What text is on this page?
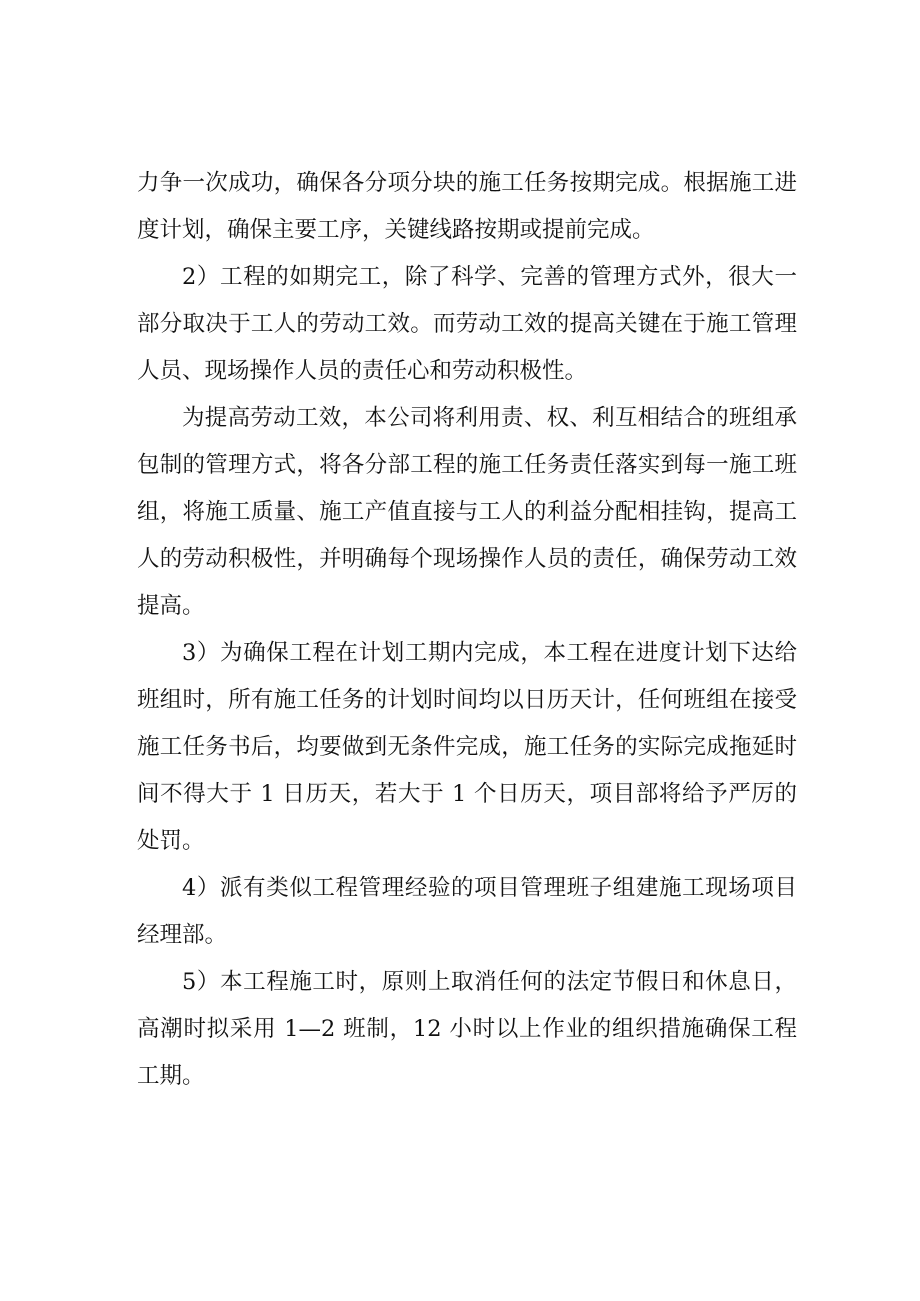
力争一次成功，确保各分项分块的施工任务按期完成。根据施工进度计划，确保主要工序，关键线路按期或提前完成。

2）工程的如期完工，除了科学、完善的管理方式外，很大一部分取决于工人的劳动工效。而劳动工效的提高关键在于施工管理人员、现场操作人员的责任心和劳动积极性。

为提高劳动工效，本公司将利用责、权、利互相结合的班组承包制的管理方式，将各分部工程的施工任务责任落实到每一施工班组，将施工质量、施工产值直接与工人的利益分配相挂钩，提高工人的劳动积极性，并明确每个现场操作人员的责任，确保劳动工效提高。

3）为确保工程在计划工期内完成，本工程在进度计划下达给班组时，所有施工任务的计划时间均以日历天计，任何班组在接受施工任务书后，均要做到无条件完成，施工任务的实际完成拖延时间不得大于 1 日历天，若大于 1 个日历天，项目部将给予严厉的处罚。

4）派有类似工程管理经验的项目管理班子组建施工现场项目经理部。

5）本工程施工时，原则上取消任何的法定节假日和休息日，高潮时拟采用 1—2 班制，12 小时以上作业的组织措施确保工程工期。
